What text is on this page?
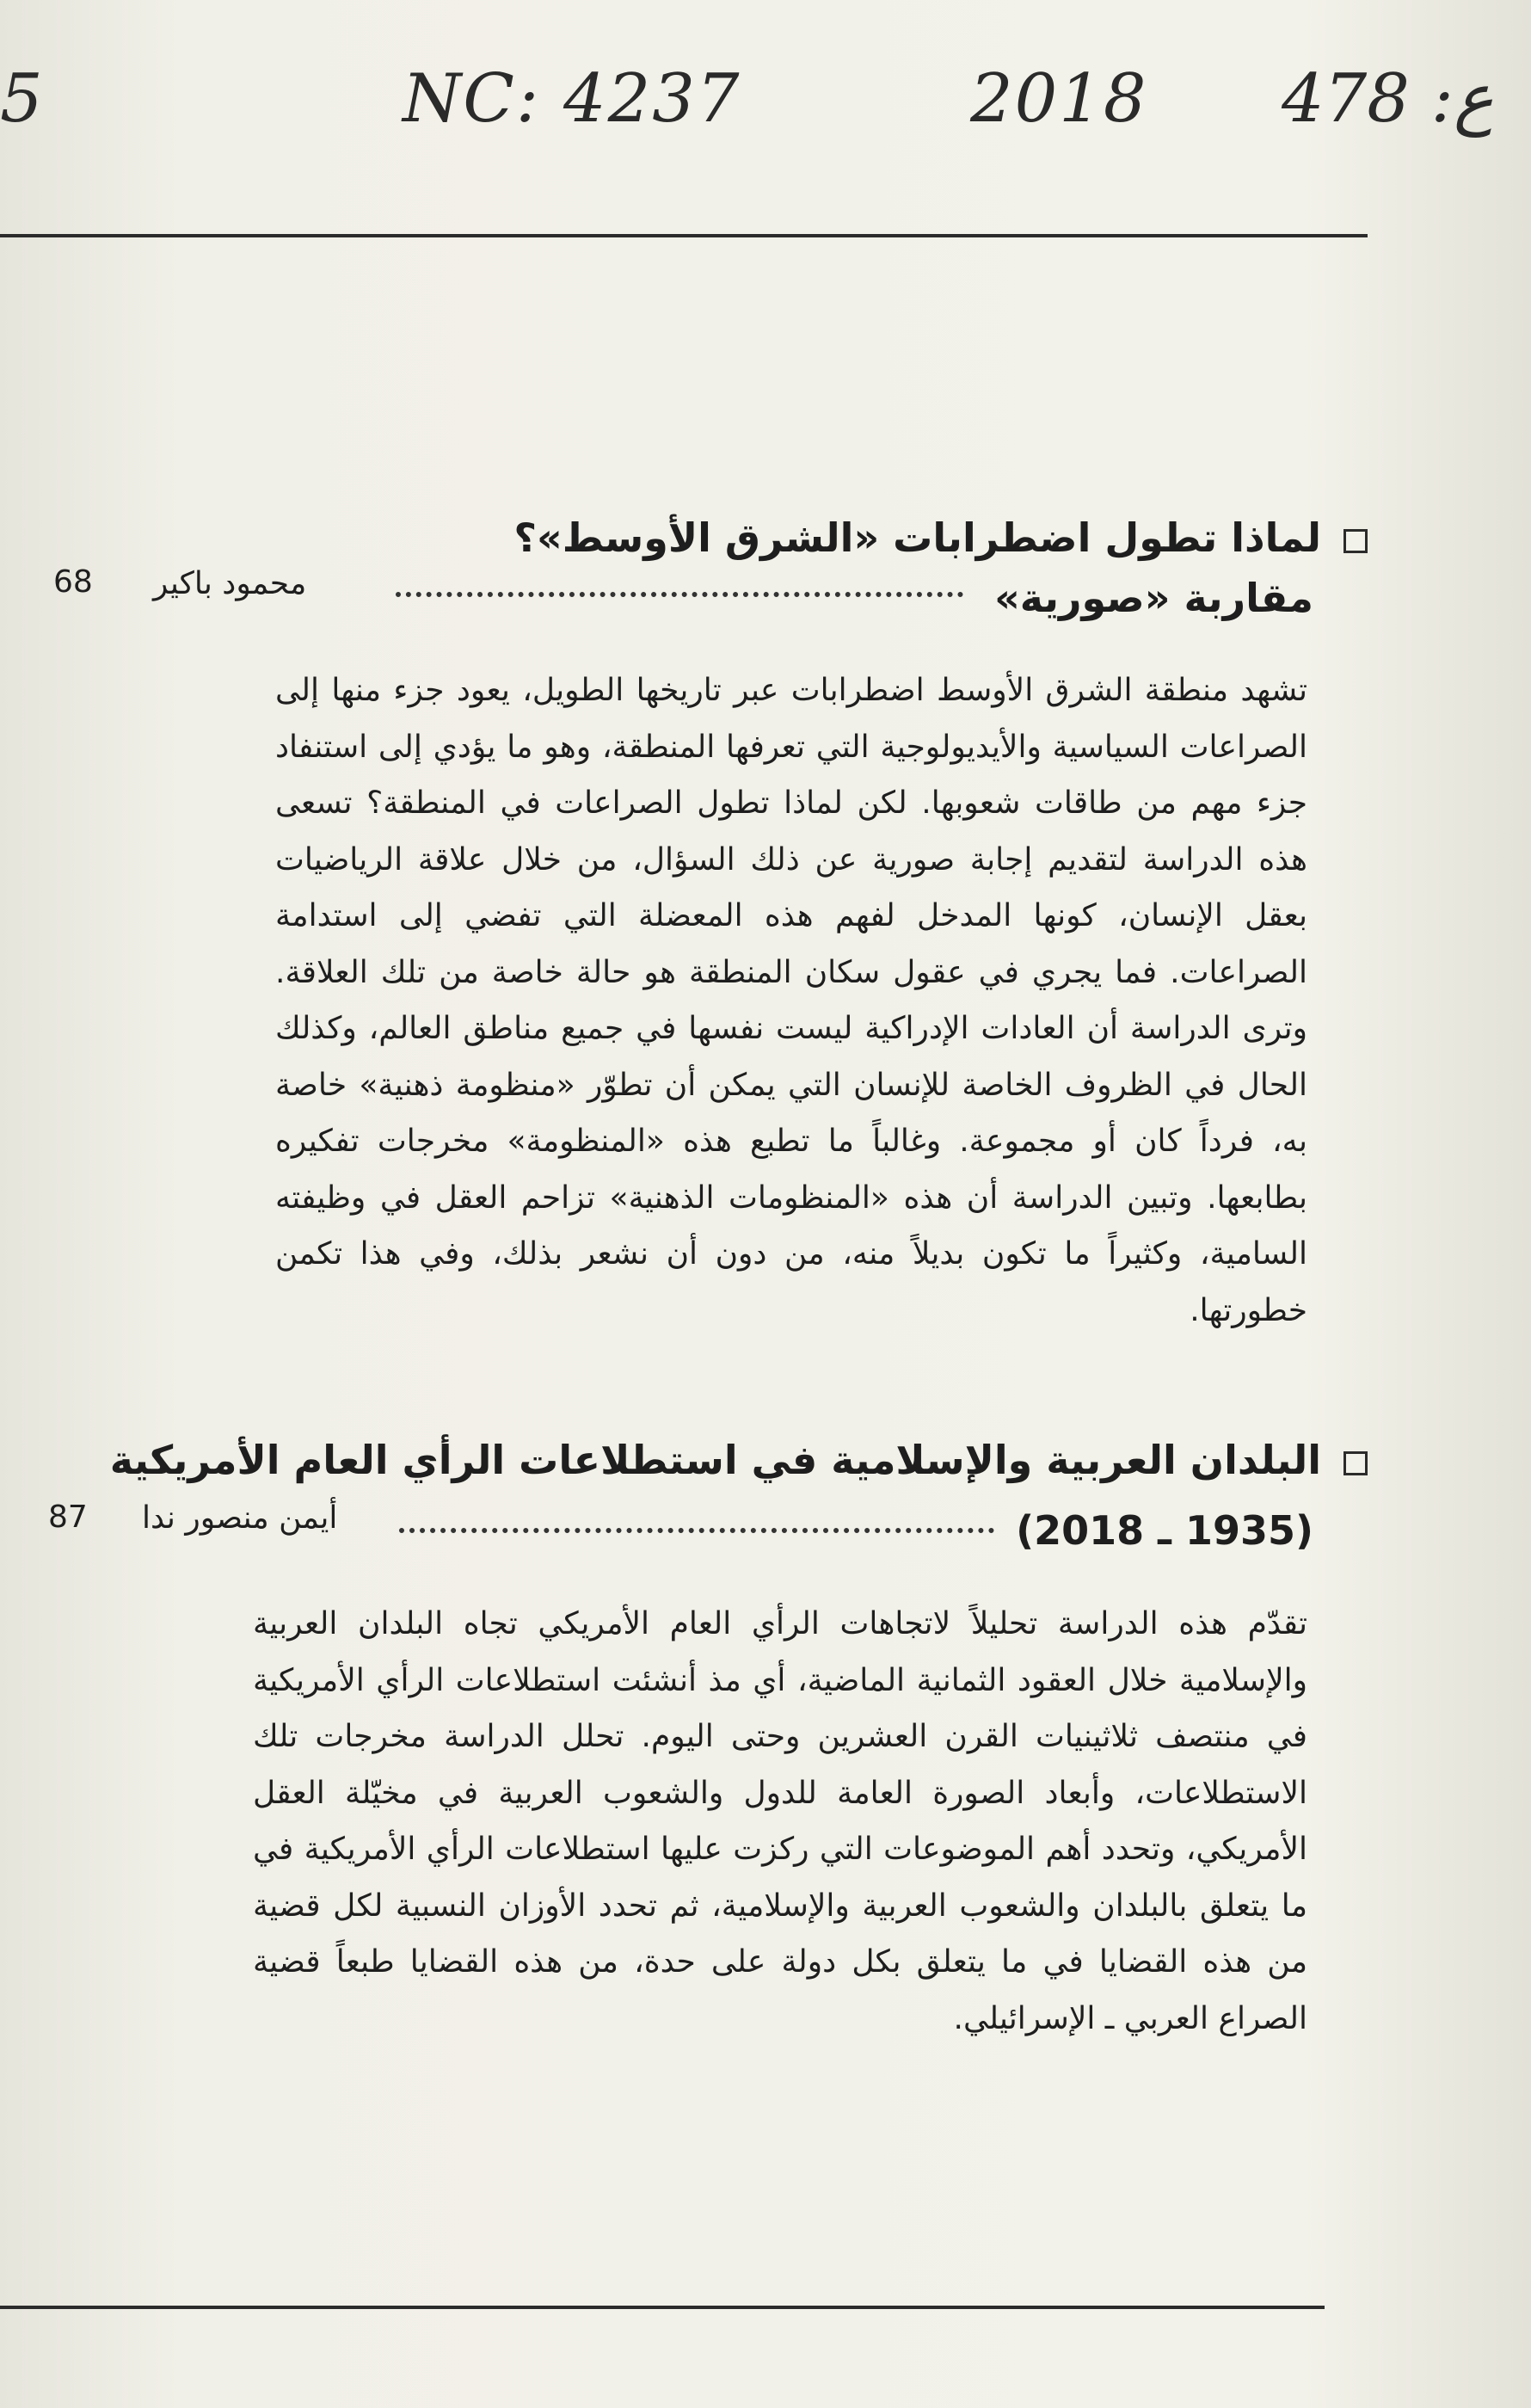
5	NC: 4237	2018 ع: 478
لماذا تطول اضطرابات «الشرق الأوسط»؟
مقاربة «صورية»
محمود باكير
68

تشهد منطقة الشرق الأوسط اضطرابات عبر تاريخها الطويل، يعود جزء منها إلى الصراعات السياسية والأيديولوجية التي تعرفها المنطقة، وهو ما يؤدي إلى استنفاد جزء مهم من طاقات شعوبها. لكن لماذا تطول الصراعات في المنطقة؟ تسعى هذه الدراسة لتقديم إجابة صورية عن ذلك السؤال، من خلال علاقة الرياضيات بعقل الإنسان، كونها المدخل لفهم هذه المعضلة التي تفضي إلى استدامة الصراعات. فما يجري في عقول سكان المنطقة هو حالة خاصة من تلك العلاقة. وترى الدراسة أن العادات الإدراكية ليست نفسها في جميع مناطق العالم، وكذلك الحال في الظروف الخاصة للإنسان التي يمكن أن تطوّر «منظومة ذهنية» خاصة به، فرداً كان أو مجموعة. وغالباً ما تطبع هذه «المنظومة» مخرجات تفكيره بطابعها. وتبين الدراسة أن هذه «المنظومات الذهنية» تزاحم العقل في وظيفته السامية، وكثيراً ما تكون بديلاً منه، من دون أن نشعر بذلك، وفي هذا تكمن خطورتها.

البلدان العربية والإسلامية في استطلاعات الرأي العام الأمريكية
(1935 ـ 2018)
أيمن منصور ندا
87

تقدّم هذه الدراسة تحليلاً لاتجاهات الرأي العام الأمريكي تجاه البلدان العربية والإسلامية خلال العقود الثمانية الماضية، أي مذ أنشئت استطلاعات الرأي الأمريكية في منتصف ثلاثينيات القرن العشرين وحتى اليوم. تحلل الدراسة مخرجات تلك الاستطلاعات، وأبعاد الصورة العامة للدول والشعوب العربية في مخيّلة العقل الأمريكي، وتحدد أهم الموضوعات التي ركزت عليها استطلاعات الرأي الأمريكية في ما يتعلق بالبلدان والشعوب العربية والإسلامية، ثم تحدد الأوزان النسبية لكل قضية من هذه القضايا في ما يتعلق بكل دولة على حدة، من هذه القضايا طبعاً قضية الصراع العربي ـ الإسرائيلي.
